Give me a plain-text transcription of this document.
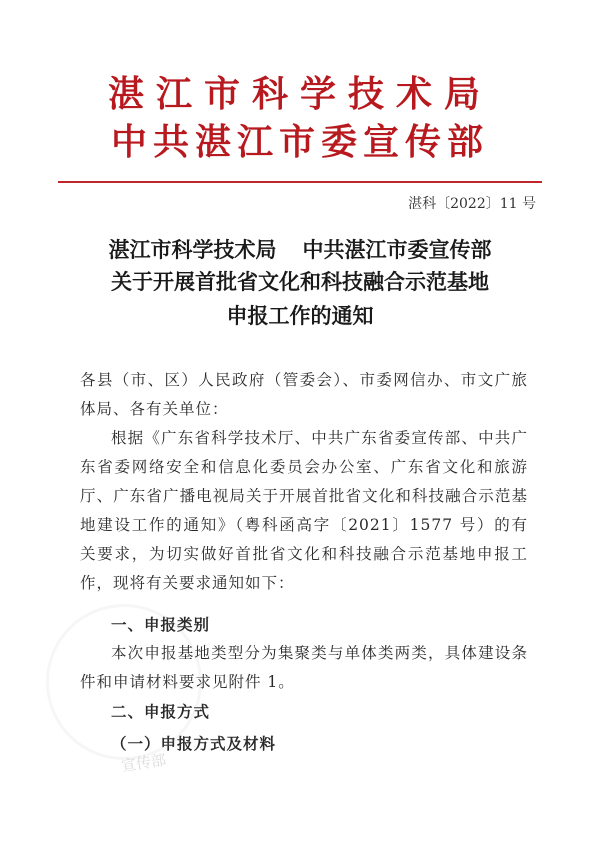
湛江市科学技术局
中共湛江市委宣传部
湛科〔2022〕11 号
湛江市科学技术局 中共湛江市委宣传部
关于开展首批省文化和科技融合示范基地
申报工作的通知
各县（市、区）人民政府（管委会）、市委网信办、市文广旅体局、各有关单位：
根据《广东省科学技术厅、中共广东省委宣传部、中共广东省委网络安全和信息化委员会办公室、广东省文化和旅游厅、广东省广播电视局关于开展首批省文化和科技融合示范基地建设工作的通知》（粤科函高字〔2021〕1577 号）的有关要求，为切实做好首批省文化和科技融合示范基地申报工作，现将有关要求通知如下：
一、申报类别
本次申报基地类型分为集聚类与单体类两类，具体建设条件和申请材料要求见附件 1。
二、申报方式
（一）申报方式及材料
宣传部
